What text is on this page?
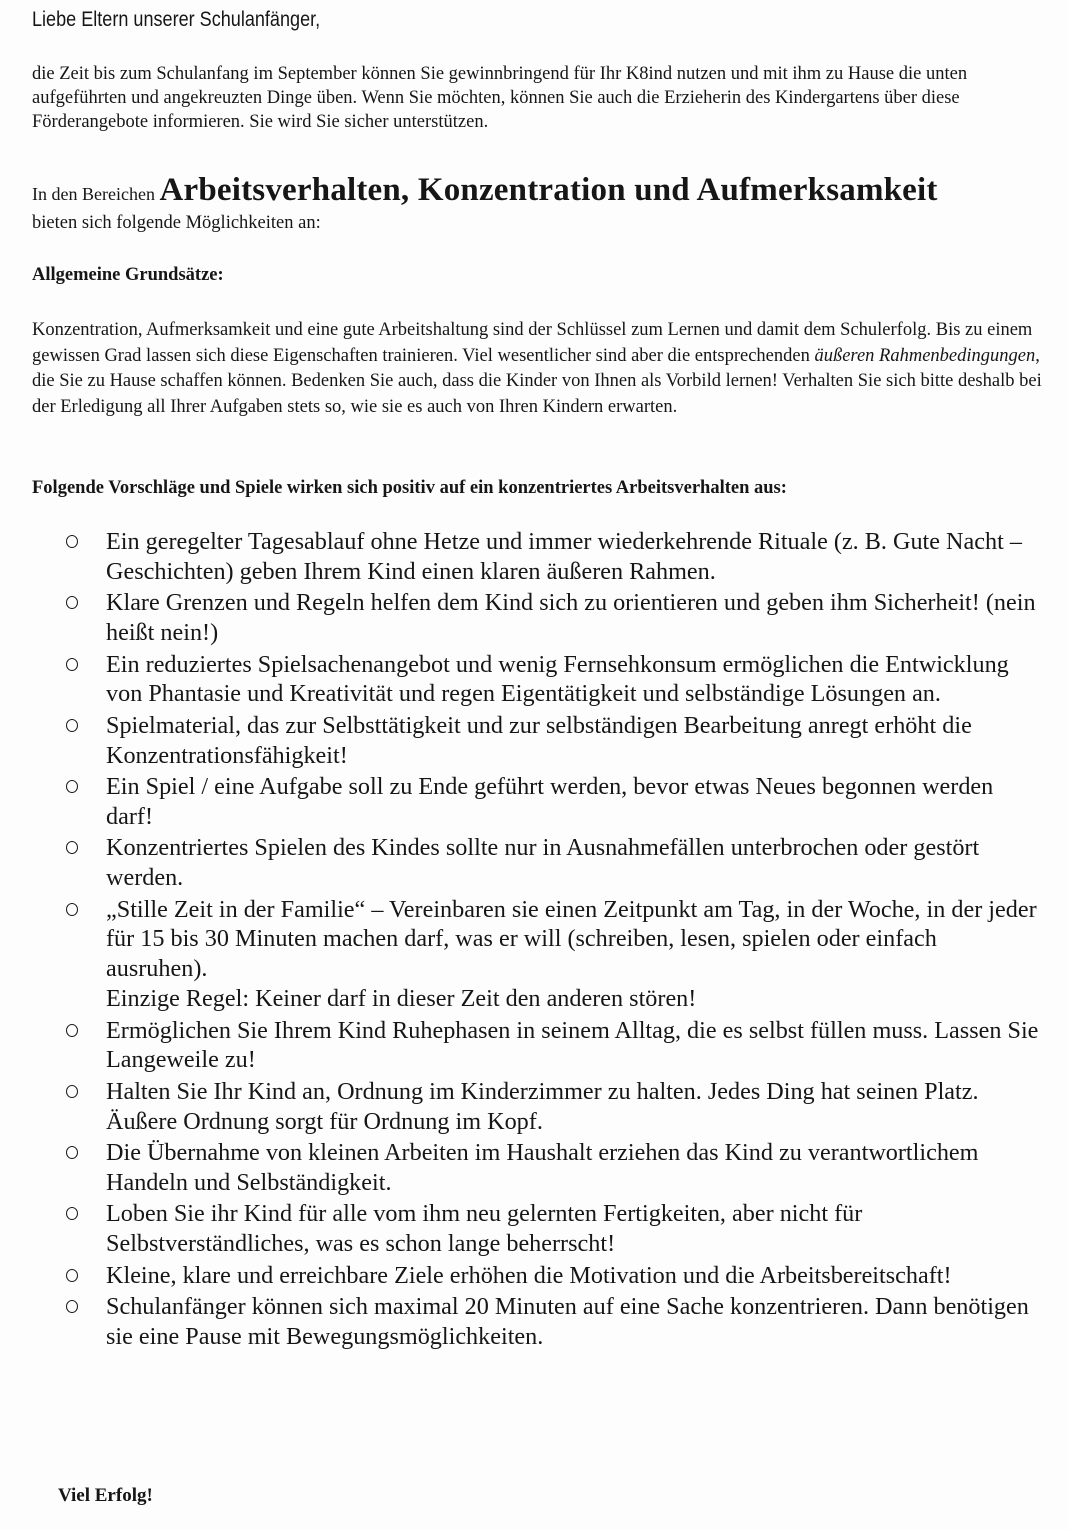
Liebe Eltern unserer Schulanfänger,

die Zeit bis zum Schulanfang im September können Sie gewinnbringend für Ihr K8ind nutzen und mit ihm zu Hause die unten aufgeführten und angekreuzten Dinge üben. Wenn Sie möchten, können Sie auch die Erzieherin des Kindergartens über diese Förderangebote informieren. Sie wird Sie sicher unterstützen.

In den Bereichen Arbeitsverhalten, Konzentration und Aufmerksamkeit

bieten sich folgende Möglichkeiten an:

Allgemeine Grundsätze:

Konzentration, Aufmerksamkeit und eine gute Arbeitshaltung sind der Schlüssel zum Lernen und damit dem Schulerfolg. Bis zu einem gewissen Grad lassen sich diese Eigenschaften trainieren. Viel wesentlicher sind aber die entsprechenden äußeren Rahmenbedingungen, die Sie zu Hause schaffen können. Bedenken Sie auch, dass die Kinder von Ihnen als Vorbild lernen! Verhalten Sie sich bitte deshalb bei der Erledigung all Ihrer Aufgaben stets so, wie sie es auch von Ihren Kindern erwarten.

Folgende Vorschläge und Spiele wirken sich positiv auf ein konzentriertes Arbeitsverhalten aus:

Ein geregelter Tagesablauf ohne Hetze und immer wiederkehrende Rituale (z. B. Gute Nacht – Geschichten) geben Ihrem Kind einen klaren äußeren Rahmen.
Klare Grenzen und Regeln helfen dem Kind sich zu orientieren und geben ihm Sicherheit! (nein heißt nein!)
Ein reduziertes Spielsachenangebot und wenig Fernsehkonsum ermöglichen die Entwicklung von Phantasie und Kreativität und regen Eigentätigkeit und selbständige Lösungen an.
Spielmaterial, das zur Selbsttätigkeit und zur selbständigen Bearbeitung anregt erhöht die Konzentrationsfähigkeit!
Ein Spiel / eine Aufgabe soll zu Ende geführt werden, bevor etwas Neues begonnen werden darf!
Konzentriertes Spielen des Kindes sollte nur in Ausnahmefällen unterbrochen oder gestört werden.
„Stille Zeit in der Familie“ – Vereinbaren sie einen Zeitpunkt am Tag, in der Woche, in der jeder für 15 bis 30 Minuten machen darf, was er will (schreiben, lesen, spielen oder einfach ausruhen).
Einzige Regel: Keiner darf in dieser Zeit den anderen stören!
Ermöglichen Sie Ihrem Kind Ruhephasen in seinem Alltag, die es selbst füllen muss. Lassen Sie Langeweile zu!
Halten Sie Ihr Kind an, Ordnung im Kinderzimmer zu halten. Jedes Ding hat seinen Platz. Äußere Ordnung sorgt für Ordnung im Kopf.
Die Übernahme von kleinen Arbeiten im Haushalt erziehen das Kind zu verantwortlichem Handeln und Selbständigkeit.
Loben Sie ihr Kind für alle vom ihm neu gelernten Fertigkeiten, aber nicht für Selbstverständliches, was es schon lange beherrscht!
Kleine, klare und erreichbare Ziele erhöhen die Motivation und die Arbeitsbereitschaft!
Schulanfänger können sich maximal 20 Minuten auf eine Sache konzentrieren. Dann benötigen sie eine Pause mit Bewegungsmöglichkeiten.

Viel Erfolg!
